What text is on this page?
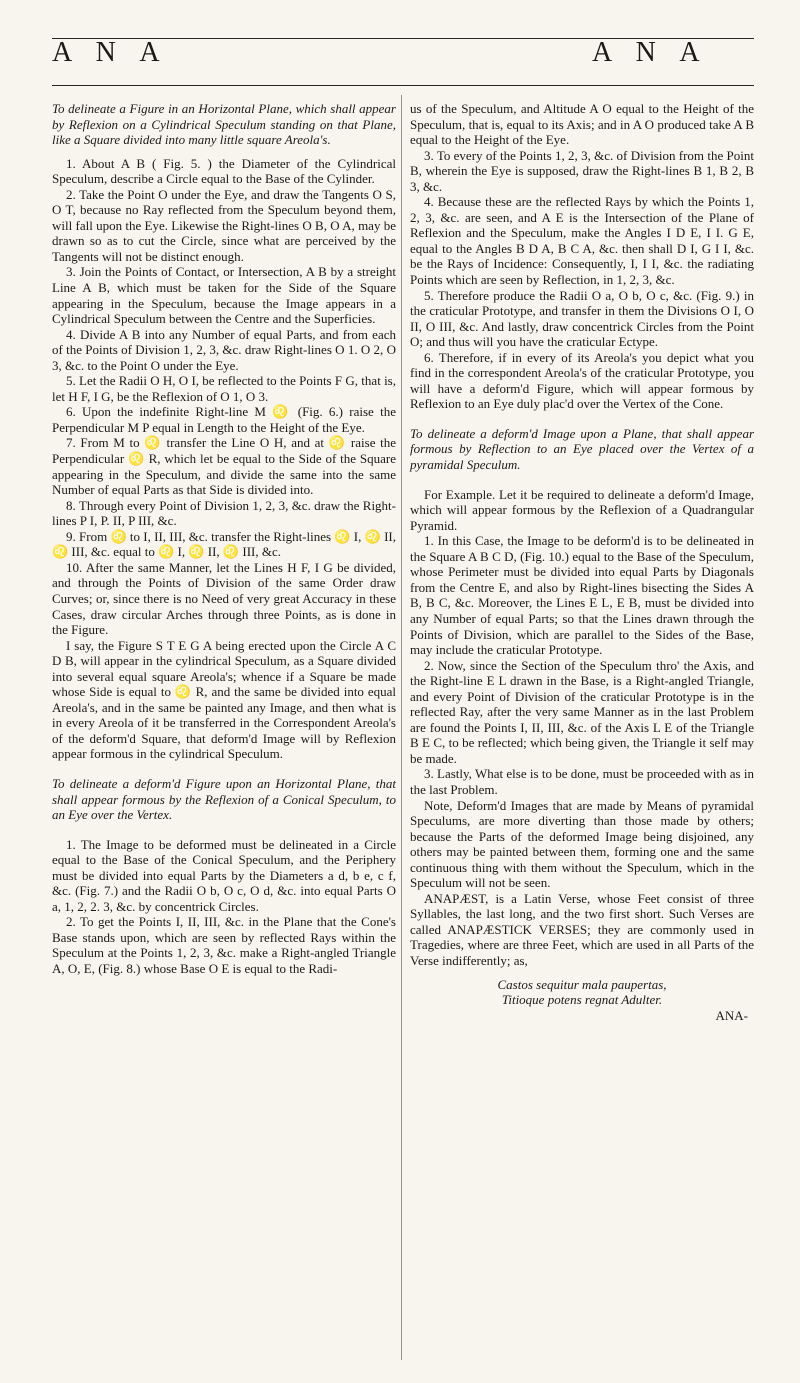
A N A	A N A

To delineate a Figure in an Horizontal Plane, which shall appear by Reflexion on a Cylindrical Speculum standing on that Plane, like a Square divided into many little square Areola's.

1. About A B ( Fig. 5. ) the Diameter of the Cylindrical Speculum, describe a Circle equal to the Base of the Cylinder.

2. Take the Point O under the Eye, and draw the Tangents O S, O T, because no Ray reflected from the Speculum beyond them, will fall upon the Eye. Likewise the Right-lines O B, O A, may be drawn so as to cut the Circle, since what are perceived by the Tangents will not be distinct enough.

3. Join the Points of Contact, or Intersection, A B by a streight Line A B, which must be taken for the Side of the Square appearing in the Speculum, because the Image appears in a Cylindrical Speculum between the Centre and the Superficies.

4. Divide A B into any Number of equal Parts, and from each of the Points of Division 1, 2, 3, &c. draw Right-lines O 1. O 2, O 3, &c. to the Point O under the Eye.

5. Let the Radii O H, O I, be reflected to the Points F G, that is, let H F, I G, be the Reflexion of O 1, O 3.

6. Upon the indefinite Right-line M ♌ (Fig. 6.) raise the Perpendicular M P equal in Length to the Height of the Eye.

7. From M to ♌ transfer the Line O H, and at ♌ raise the Perpendicular ♌ R, which let be equal to the Side of the Square appearing in the Speculum, and divide the same into the same Number of equal Parts as that Side is divided into.

8. Through every Point of Division 1, 2, 3, &c. draw the Right-lines P I, P. II, P III, &c.

9. From ♌ to I, II, III, &c. transfer the Right-lines ♌ I, ♌ II, ♌ III, &c. equal to ♌ I, ♌ II, ♌ III, &c.

10. After the same Manner, let the Lines H F, I G be divided, and through the Points of Division of the same Order draw Curves; or, since there is no Need of very great Accuracy in these Cases, draw circular Arches through three Points, as is done in the Figure.

I say, the Figure S T E G A being erected upon the Circle A C D B, will appear in the cylindrical Speculum, as a Square divided into several equal square Areola's; whence if a Square be made whose Side is equal to ♌ R, and the same be divided into equal Areola's, and in the same be painted any Image, and then what is in every Areola of it be transferred in the Correspondent Areola's of the deform'd Square, that deform'd Image will by Reflexion appear formous in the cylindrical Speculum.

To delineate a deform'd Figure upon an Horizontal Plane, that shall appear formous by the Reflexion of a Conical Speculum, to an Eye over the Vertex.

1. The Image to be deformed must be delineated in a Circle equal to the Base of the Conical Speculum, and the Periphery must be divided into equal Parts by the Diameters a d, b e, c f, &c. (Fig. 7.) and the Radii O b, O c, O d, &c. into equal Parts O a, 1, 2, 2. 3, &c. by concentrick Circles.

2. To get the Points I, II, III, &c. in the Plane that the Cone's Base stands upon, which are seen by reflected Rays within the Speculum at the Points 1, 2, 3, &c. make a Right-angled Triangle A, O, E, (Fig. 8.) whose Base O E is equal to the Radi-

us of the Speculum, and Altitude A O equal to the Height of the Speculum, that is, equal to its Axis; and in A O produced take A B equal to the Height of the Eye.

3. To every of the Points 1, 2, 3, &c. of Division from the Point B, wherein the Eye is supposed, draw the Right-lines B 1, B 2, B 3, &c.

4. Because these are the reflected Rays by which the Points 1, 2, 3, &c. are seen, and A E is the Intersection of the Plane of Reflexion and the Speculum, make the Angles I D E, I I. G E, equal to the Angles B D A, B C A, &c. then shall D I, G I I, &c. be the Rays of Incidence: Consequently, I, I I, &c. the radiating Points which are seen by Reflection, in 1, 2, 3, &c.

5. Therefore produce the Radii O a, O b, O c, &c. (Fig. 9.) in the craticular Prototype, and transfer in them the Divisions O I, O II, O III, &c. And lastly, draw concentrick Circles from the Point O; and thus will you have the craticular Ectype.

6. Therefore, if in every of its Areola's you depict what you find in the correspondent Areola's of the craticular Prototype, you will have a deform'd Figure, which will appear formous by Reflexion to an Eye duly plac'd over the Vertex of the Cone.

To delineate a deform'd Image upon a Plane, that shall appear formous by Reflection to an Eye placed over the Vertex of a pyramidal Speculum.

For Example. Let it be required to delineate a deform'd Image, which will appear formous by the Reflexion of a Quadrangular Pyramid.

1. In this Case, the Image to be deform'd is to be delineated in the Square A B C D, (Fig. 10.) equal to the Base of the Speculum, whose Perimeter must be divided into equal Parts by Diagonals from the Centre E, and also by Right-lines bisecting the Sides A B, B C, &c. Moreover, the Lines E L, E B, must be divided into any Number of equal Parts; so that the Lines drawn through the Points of Division, which are parallel to the Sides of the Base, may include the craticular Prototype.

2. Now, since the Section of the Speculum thro' the Axis, and the Right-line E L drawn in the Base, is a Right-angled Triangle, and every Point of Division of the craticular Prototype is in the reflected Ray, after the very same Manner as in the last Problem are found the Points I, II, III, &c. of the Axis L E of the Triangle B E C, to be reflected; which being given, the Triangle it self may be made.

3. Lastly, What else is to be done, must be proceeded with as in the last Problem.

Note, Deform'd Images that are made by Means of pyramidal Speculums, are more diverting than those made by others; because the Parts of the deformed Image being disjoined, any others may be painted between them, forming one and the same continuous thing with them without the Speculum, which in the Speculum will not be seen.

ANAPÆST, is a Latin Verse, whose Feet consist of three Syllables, the last long, and the two first short. Such Verses are called ANAPÆSTICK VERSES; they are commonly used in Tragedies, where are three Feet, which are used in all Parts of the Verse indifferently; as,

Castos sequitur mala paupertas,

Titioque potens regnat Adulter.

ANA-
